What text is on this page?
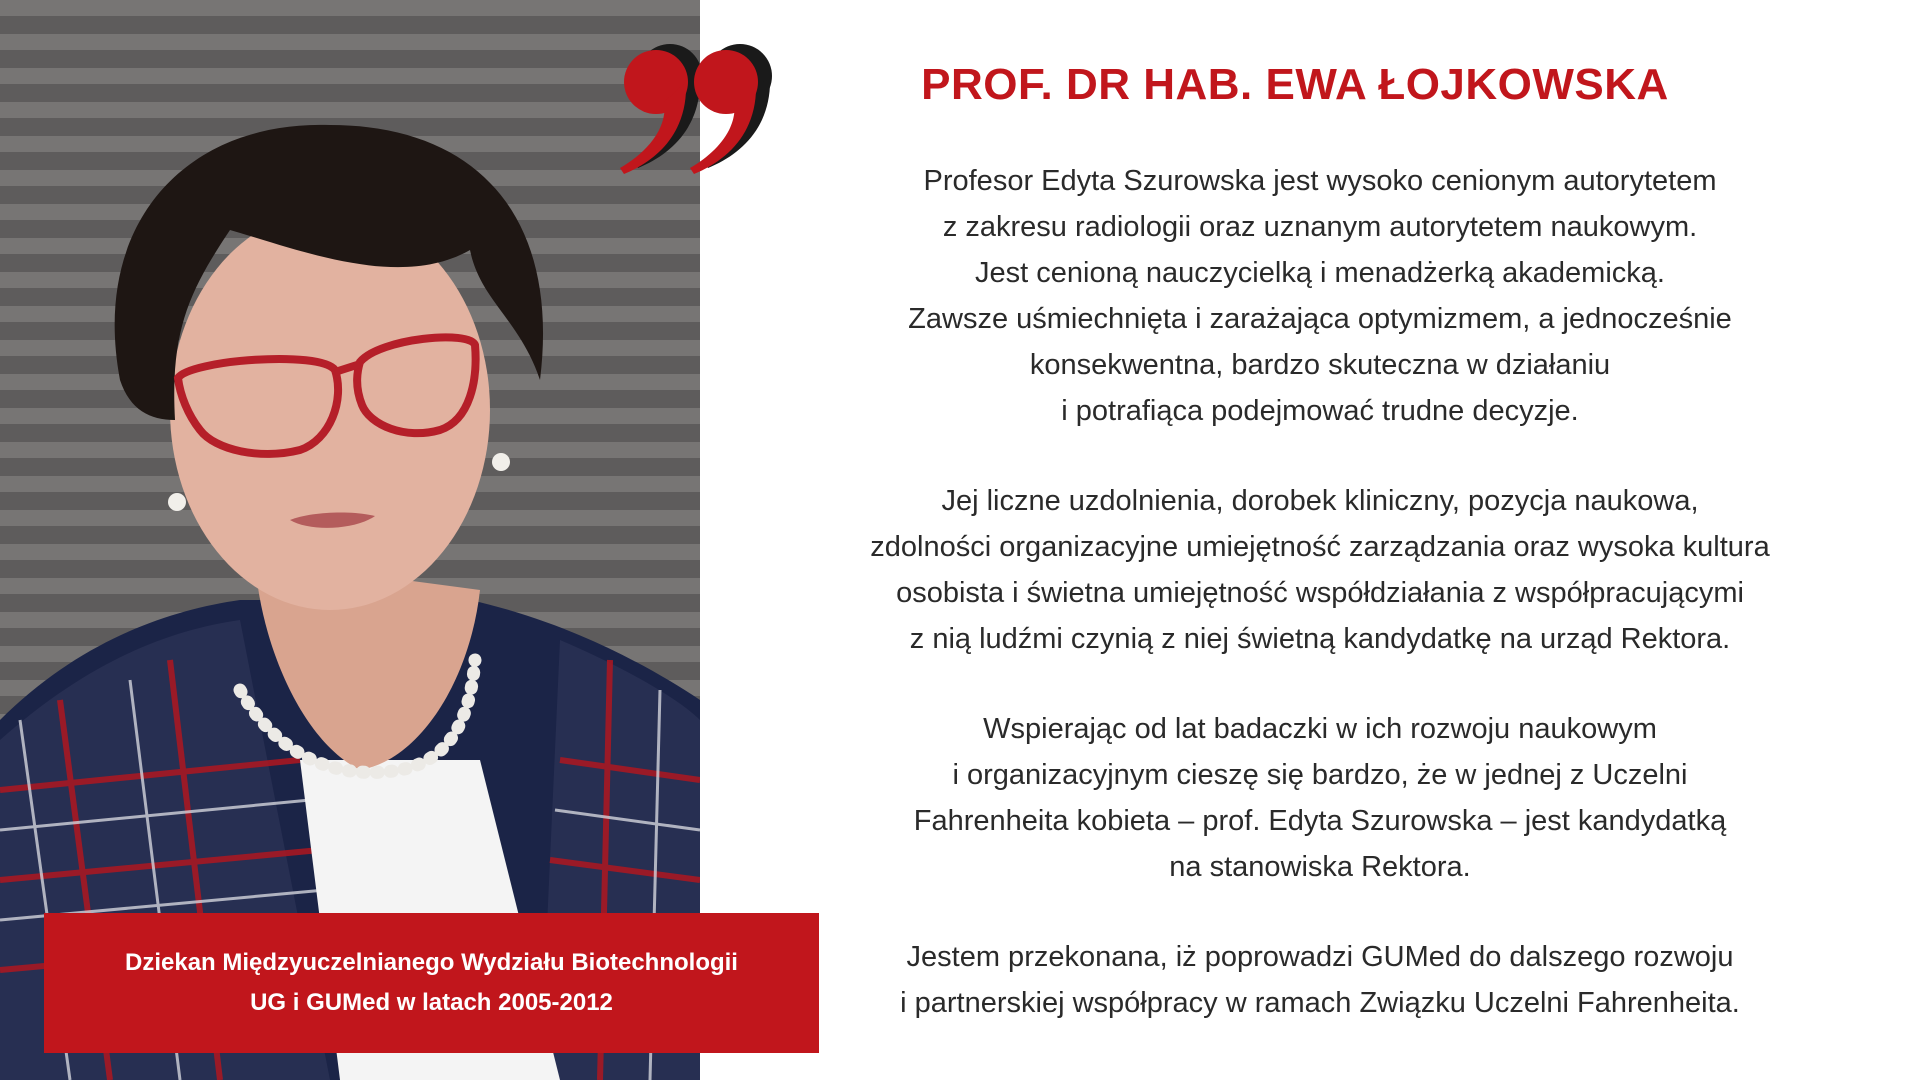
Dziekan Międzyuczelnianego Wydziału Biotechnologii
UG i GUMed w latach 2005-2012
PROF. DR HAB. EWA ŁOJKOWSKA

Profesor Edyta Szurowska jest wysoko cenionym autorytetem
z zakresu radiologii oraz uznanym autorytetem naukowym.
Jest cenioną nauczycielką i menadżerką akademicką.
Zawsze uśmiechnięta i zarażająca optymizmem, a jednocześnie
konsekwentna, bardzo skuteczna w działaniu
i potrafiąca podejmować trudne decyzje.

Jej liczne uzdolnienia, dorobek kliniczny, pozycja naukowa,
zdolności organizacyjne umiejętność zarządzania oraz wysoka kultura
osobista i świetna umiejętność współdziałania z współpracującymi
z nią ludźmi czynią z niej świetną kandydatkę na urząd Rektora.

Wspierając od lat badaczki w ich rozwoju naukowym
i organizacyjnym cieszę się bardzo, że w jednej z Uczelni
Fahrenheita kobieta – prof. Edyta Szurowska – jest kandydatką
na stanowiska Rektora.

Jestem przekonana, iż poprowadzi GUMed do dalszego rozwoju
i partnerskiej współpracy w ramach Związku Uczelni Fahrenheita.
